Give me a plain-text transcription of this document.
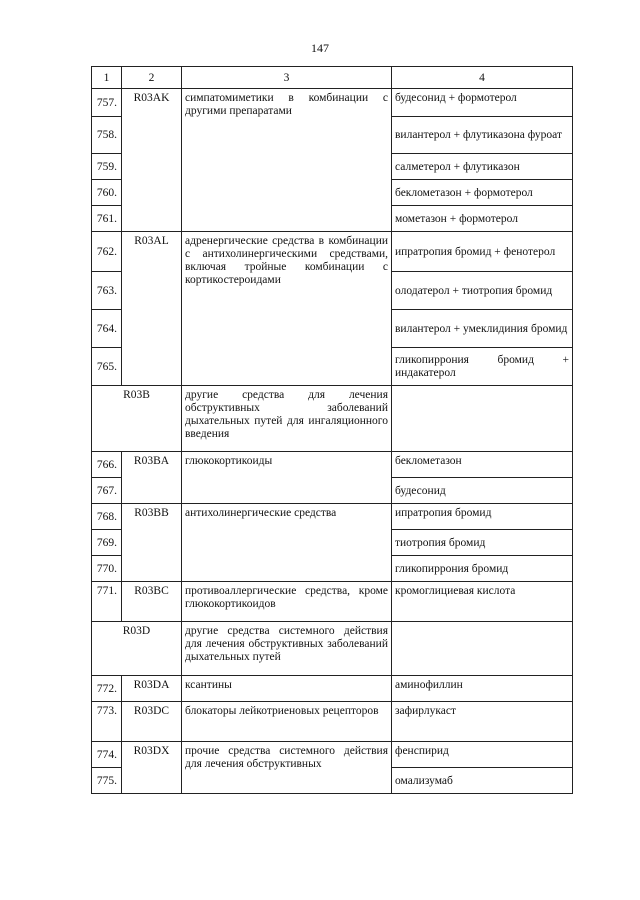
147
1	2	3	4
757.	R03AK	симпатомиметики в комбинации с другими препаратами	будесонид + формотерол
758.			вилантерол + флутиказона фуроат
759.			салметерол + флутиказон
760.			беклометазон + формотерол
761.			мометазон + формотерол
762.	R03AL	адренергические средства в комбинации с антихолинергическими средствами, включая тройные комбинации с кортикостероидами	ипратропия бромид + фенотерол
763.			олодатерол + тиотропия бромид
764.			вилантерол + умеклидиния бромид
765.			гликопиррония бромид + индакатерол
R03B		другие средства для лечения обструктивных заболеваний дыхательных путей для ингаляционного введения	
766.	R03BA	глюкокортикоиды	беклометазон
767.			будесонид
768.	R03BB	антихолинергические средства	ипратропия бромид
769.			тиотропия бромид
770.			гликопиррония бромид
771.	R03BC	противоаллергические средства, кроме глюкокортикоидов	кромоглициевая кислота
R03D		другие средства системного действия для лечения обструктивных заболеваний дыхательных путей	
772.	R03DA	ксантины	аминофиллин
773.	R03DC	блокаторы лейкотриеновых рецепторов	зафирлукаст
774.	R03DX	прочие средства системного действия для лечения обструктивных	фенспирид
775.			омализумаб
